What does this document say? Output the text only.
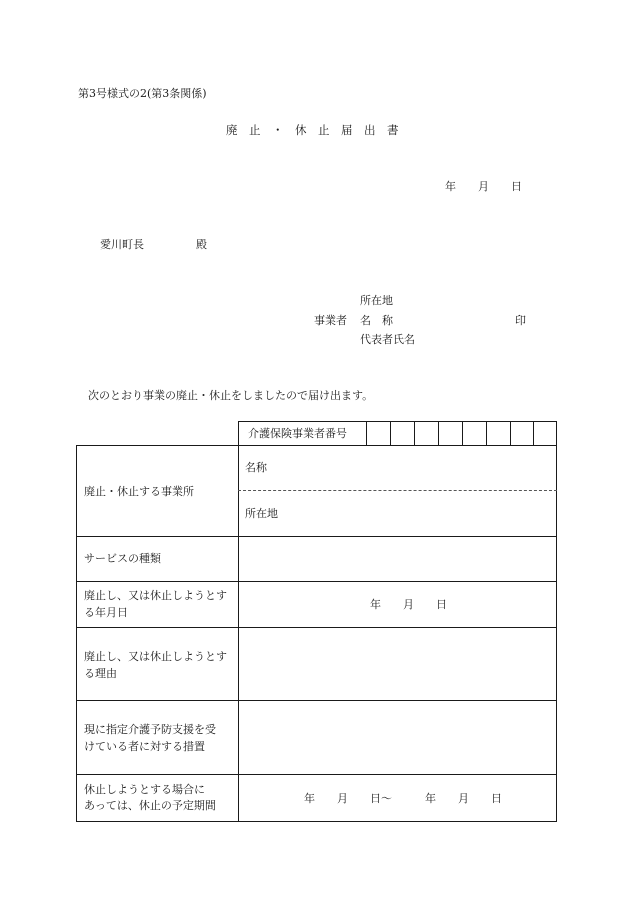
第3号様式の2(第3条関係)
廃　止　・　休　止　届　出　書
年　　月　　日
愛川町長	殿
所在地
事業者 名　称	印
代表者氏名
次のとおり事業の廃止・休止をしましたので届け出ます。
介護保険事業者番号
廃止・休止する事業所
名称
所在地
サービスの種類
廃止し、又は休止しようとす
る年月日
年　　月　　日
廃止し、又は休止しようとす
る理由
現に指定介護予防支援を受
けている者に対する措置
休止しようとする場合に
あっては、休止の予定期間
年　　月　　日〜　　　年　　月　　日
